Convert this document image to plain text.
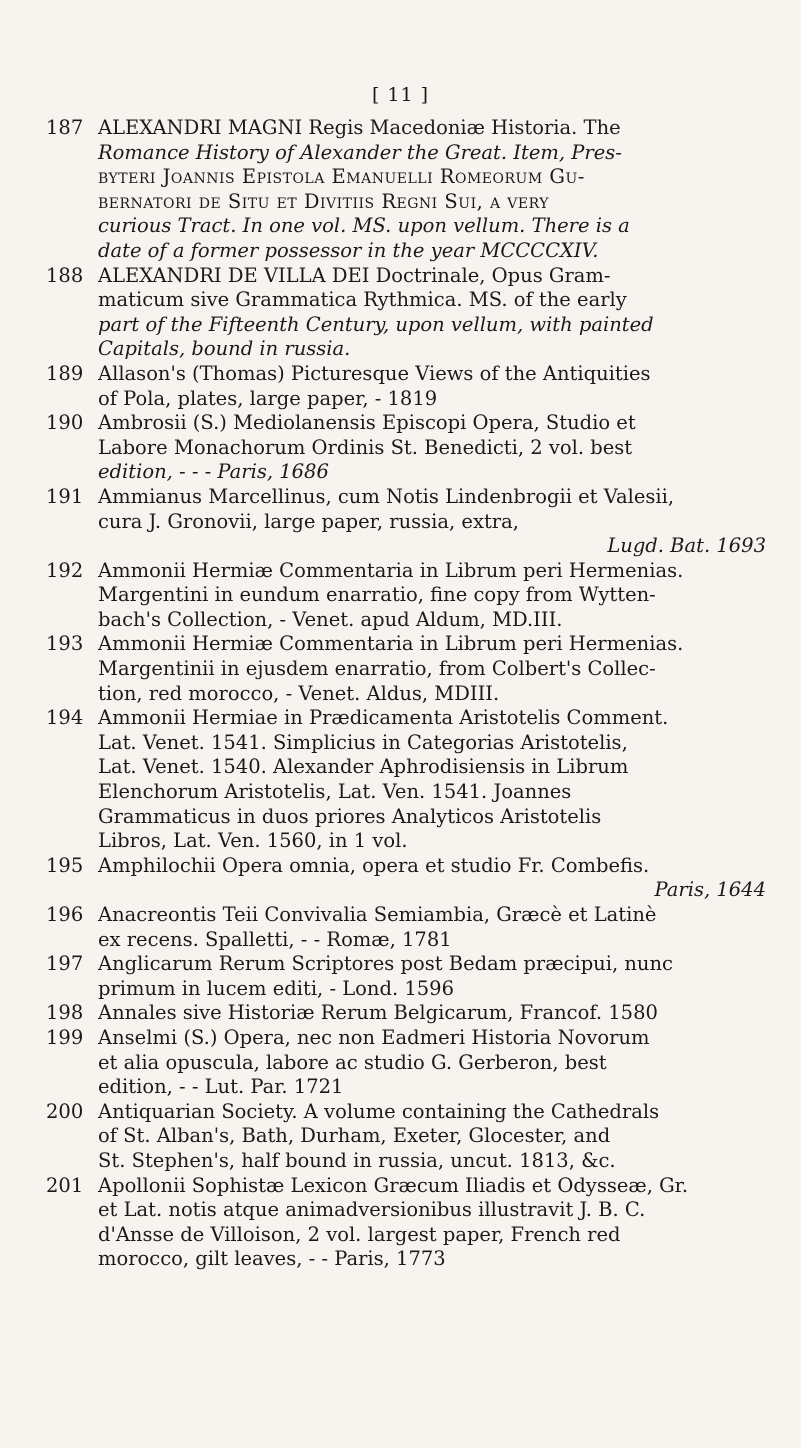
[ 11 ]
187 ALEXANDRI MAGNI Regis Macedoniæ Historia. The
Romance History of Alexander the Great. Item, Pres-
byteri Joannis Epistola Emanuelli Romeorum Gu-
bernatori de Situ et Divitiis Regni Sui, a very
curious Tract. In one vol. MS. upon vellum. There is a
date of a former possessor in the year MCCCCXIV.
188 ALEXANDRI DE VILLA DEI Doctrinale, Opus Gram-
maticum sive Grammatica Rythmica. MS. of the early
part of the Fifteenth Century, upon vellum, with painted
Capitals, bound in russia.
189 Allason's (Thomas) Picturesque Views of the Antiquities
of Pola, plates, large paper, - 1819
190 Ambrosii (S.) Mediolanensis Episcopi Opera, Studio et
Labore Monachorum Ordinis St. Benedicti, 2 vol. best
edition, - - - Paris, 1686
191 Ammianus Marcellinus, cum Notis Lindenbrogii et Valesii,
cura J. Gronovii, large paper, russia, extra,
Lugd. Bat. 1693
192 Ammonii Hermiæ Commentaria in Librum peri Hermenias.
Margentini in eundum enarratio, fine copy from Wytten-
bach's Collection, - Venet. apud Aldum, MD.III.
193 Ammonii Hermiæ Commentaria in Librum peri Hermenias.
Margentinii in ejusdem enarratio, from Colbert's Collec-
tion, red morocco, - Venet. Aldus, MDIII.
194 Ammonii Hermiae in Prædicamenta Aristotelis Comment.
Lat. Venet. 1541. Simplicius in Categorias Aristotelis,
Lat. Venet. 1540. Alexander Aphrodisiensis in Librum
Elenchorum Aristotelis, Lat. Ven. 1541. Joannes
Grammaticus in duos priores Analyticos Aristotelis
Libros, Lat. Ven. 1560, in 1 vol.
195 Amphilochii Opera omnia, opera et studio Fr. Combefis.
Paris, 1644
196 Anacreontis Teii Convivalia Semiambia, Græcè et Latinè
ex recens. Spalletti, - - Romæ, 1781
197 Anglicarum Rerum Scriptores post Bedam præcipui, nunc
primum in lucem editi, - Lond. 1596
198 Annales sive Historiæ Rerum Belgicarum, Francof. 1580
199 Anselmi (S.) Opera, nec non Eadmeri Historia Novorum
et alia opuscula, labore ac studio G. Gerberon, best
edition, - - Lut. Par. 1721
200 Antiquarian Society. A volume containing the Cathedrals
of St. Alban's, Bath, Durham, Exeter, Glocester, and
St. Stephen's, half bound in russia, uncut. 1813, &c.
201 Apollonii Sophistæ Lexicon Græcum Iliadis et Odysseæ, Gr.
et Lat. notis atque animadversionibus illustravit J. B. C.
d'Ansse de Villoison, 2 vol. largest paper, French red
morocco, gilt leaves, - - Paris, 1773
